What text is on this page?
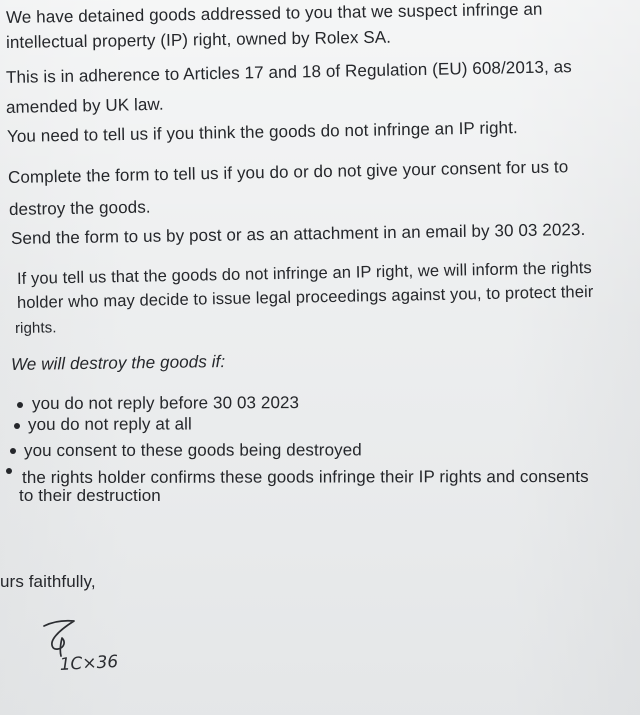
We have detained goods addressed to you that we suspect infringe an

intellectual property (IP) right, owned by Rolex SA.

This is in adherence to Articles 17 and 18 of Regulation (EU) 608/2013, as

amended by UK law.

You need to tell us if you think the goods do not infringe an IP right.

Complete the form to tell us if you do or do not give your consent for us to

destroy the goods.

Send the form to us by post or as an attachment in an email by 30 03 2023.

If you tell us that the goods do not infringe an IP right, we will inform the rights

holder who may decide to issue legal proceedings against you, to protect their

rights.

We will destroy the goods if:

you do not reply before 30 03 2023

you do not reply at all

you consent to these goods being destroyed

the rights holder confirms these goods infringe their IP rights and consents

to their destruction

urs faithfully,

1C×36
